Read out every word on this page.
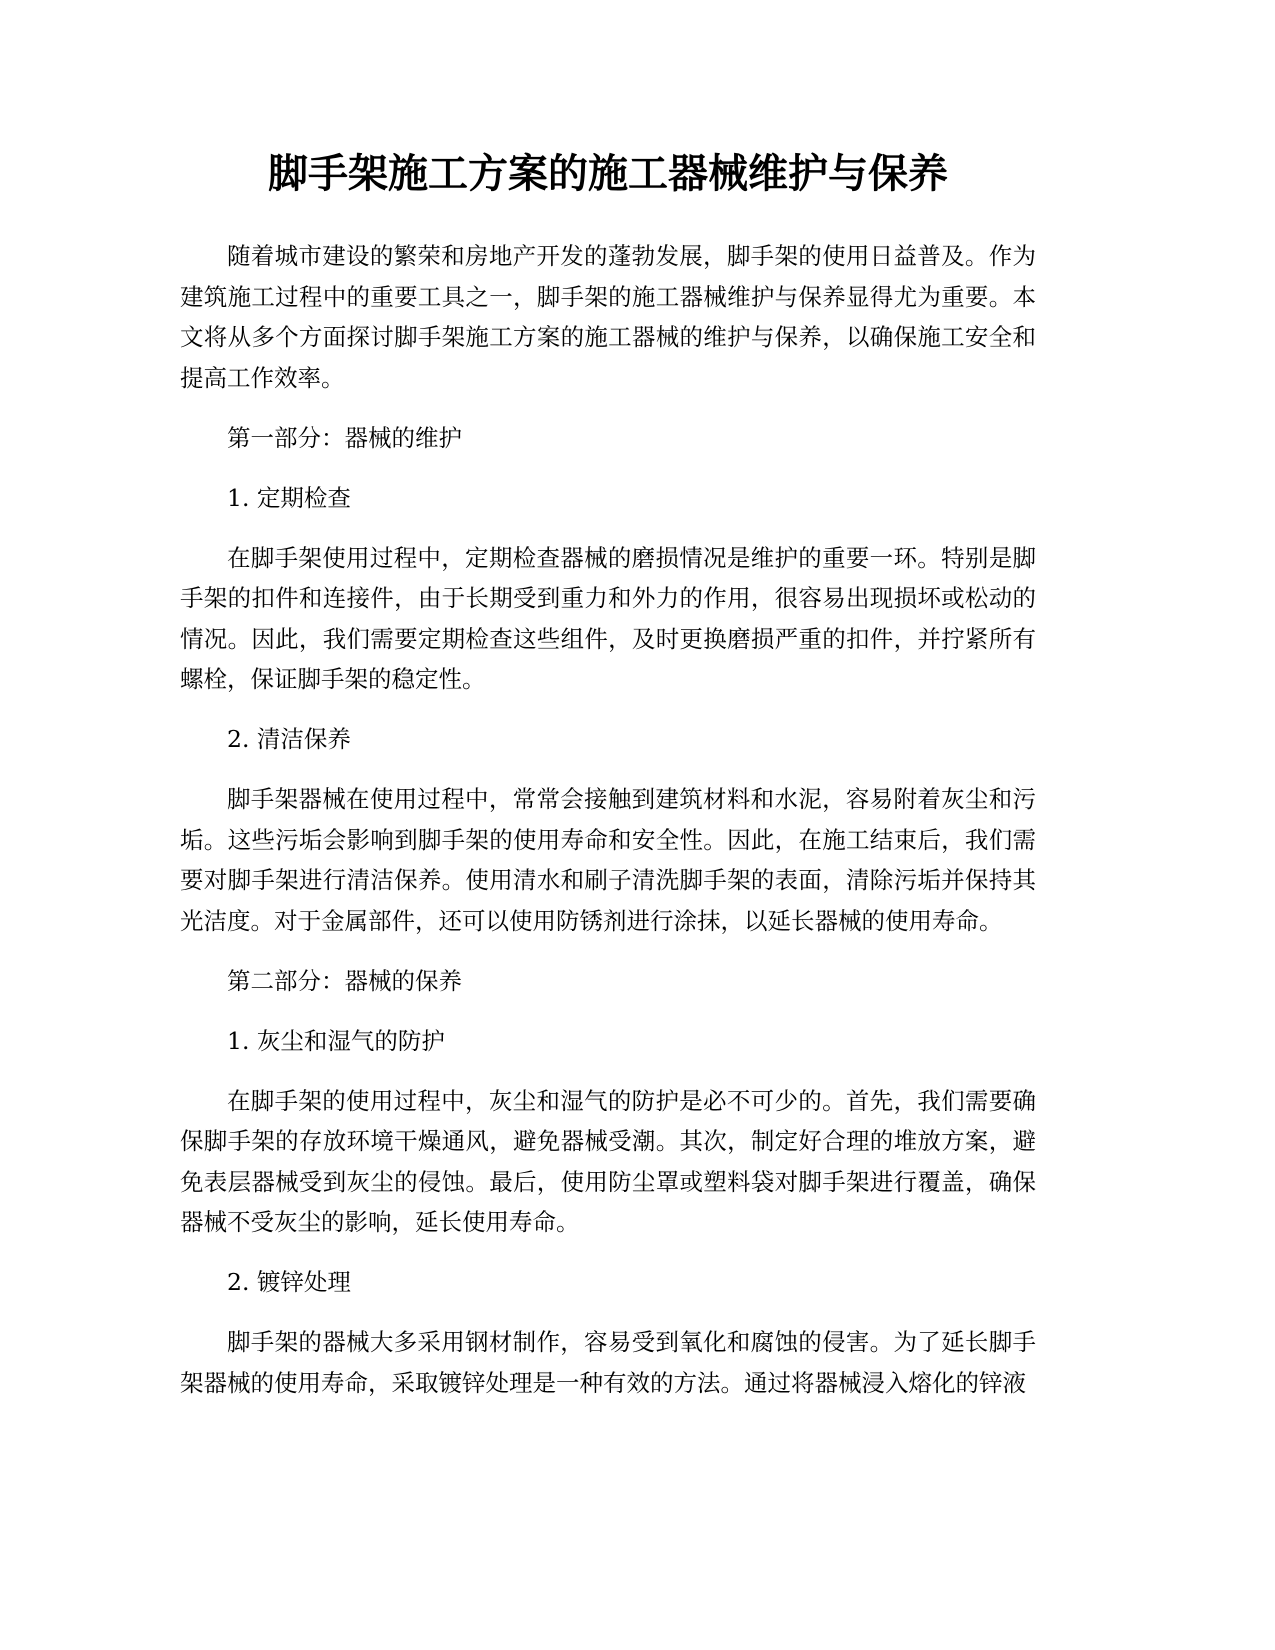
脚手架施工方案的施工器械维护与保养

随着城市建设的繁荣和房地产开发的蓬勃发展，脚手架的使用日益普及。作为建筑施工过程中的重要工具之一，脚手架的施工器械维护与保养显得尤为重要。本文将从多个方面探讨脚手架施工方案的施工器械的维护与保养，以确保施工安全和提高工作效率。

第一部分：器械的维护

1. 定期检查

在脚手架使用过程中，定期检查器械的磨损情况是维护的重要一环。特别是脚手架的扣件和连接件，由于长期受到重力和外力的作用，很容易出现损坏或松动的情况。因此，我们需要定期检查这些组件，及时更换磨损严重的扣件，并拧紧所有螺栓，保证脚手架的稳定性。

2. 清洁保养

脚手架器械在使用过程中，常常会接触到建筑材料和水泥，容易附着灰尘和污垢。这些污垢会影响到脚手架的使用寿命和安全性。因此，在施工结束后，我们需要对脚手架进行清洁保养。使用清水和刷子清洗脚手架的表面，清除污垢并保持其光洁度。对于金属部件，还可以使用防锈剂进行涂抹，以延长器械的使用寿命。

第二部分：器械的保养

1. 灰尘和湿气的防护

在脚手架的使用过程中，灰尘和湿气的防护是必不可少的。首先，我们需要确保脚手架的存放环境干燥通风，避免器械受潮。其次，制定好合理的堆放方案，避免表层器械受到灰尘的侵蚀。最后，使用防尘罩或塑料袋对脚手架进行覆盖，确保器械不受灰尘的影响，延长使用寿命。

2. 镀锌处理

脚手架的器械大多采用钢材制作，容易受到氧化和腐蚀的侵害。为了延长脚手架器械的使用寿命，采取镀锌处理是一种有效的方法。通过将器械浸入熔化的锌液
